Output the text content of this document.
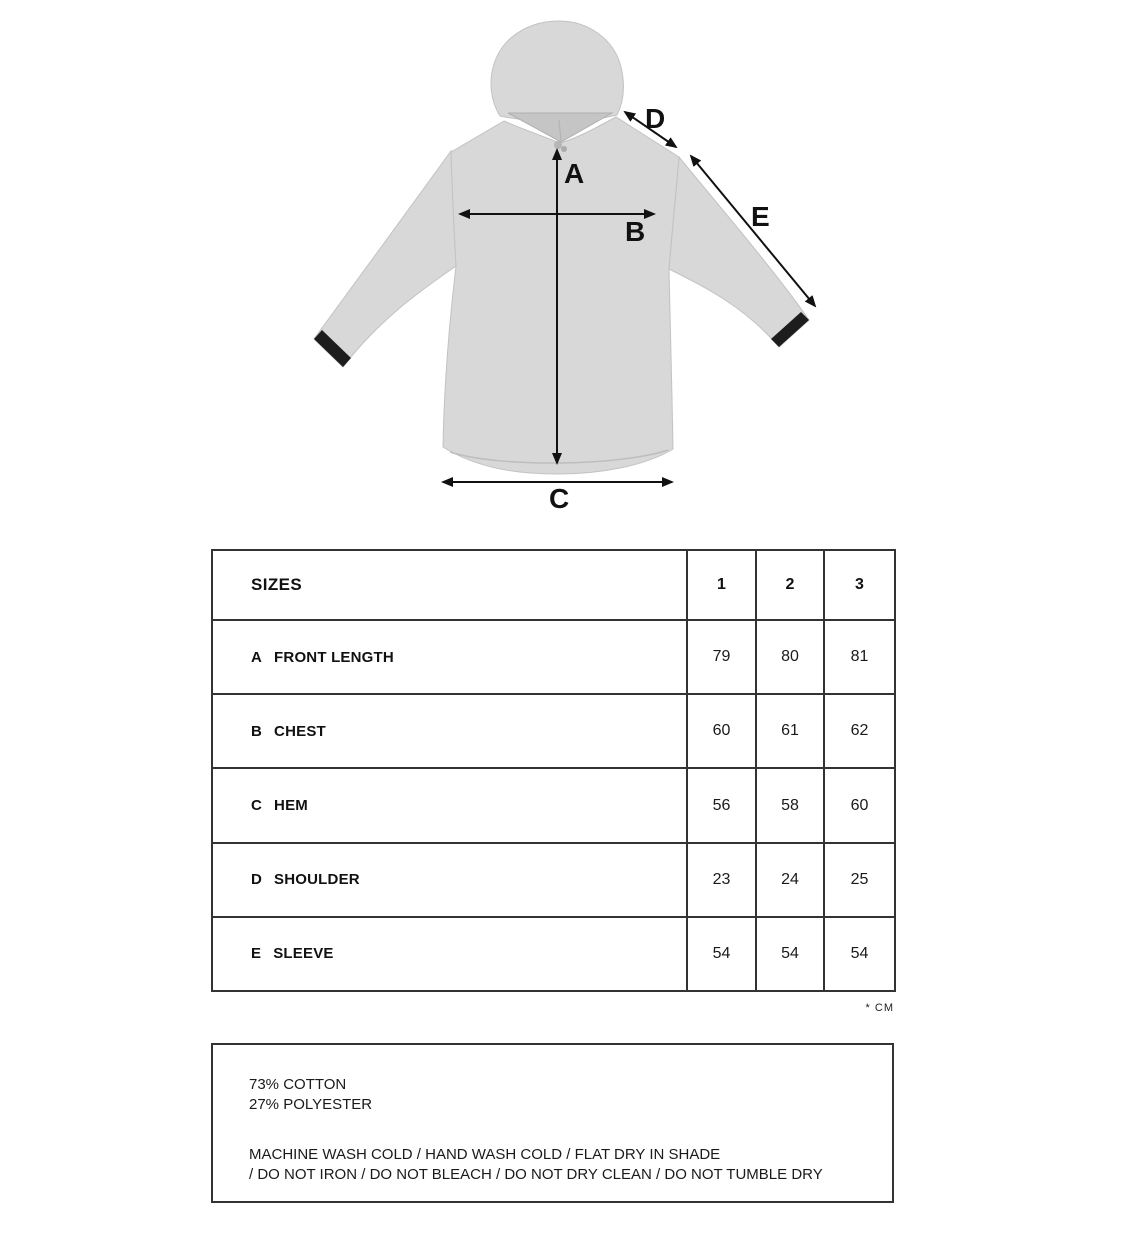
A
B
C
D
E
SIZES	1	2	3
A FRONT LENGTH	79	80	81
B CHEST	60	61	62
C HEM	56	58	60
D SHOULDER	23	24	25
E SLEEVE	54	54	54
* CM
73% COTTON
27% POLYESTER
MACHINE WASH COLD / HAND WASH COLD / FLAT DRY IN SHADE
/ DO NOT IRON / DO NOT BLEACH / DO NOT DRY CLEAN / DO NOT TUMBLE DRY
